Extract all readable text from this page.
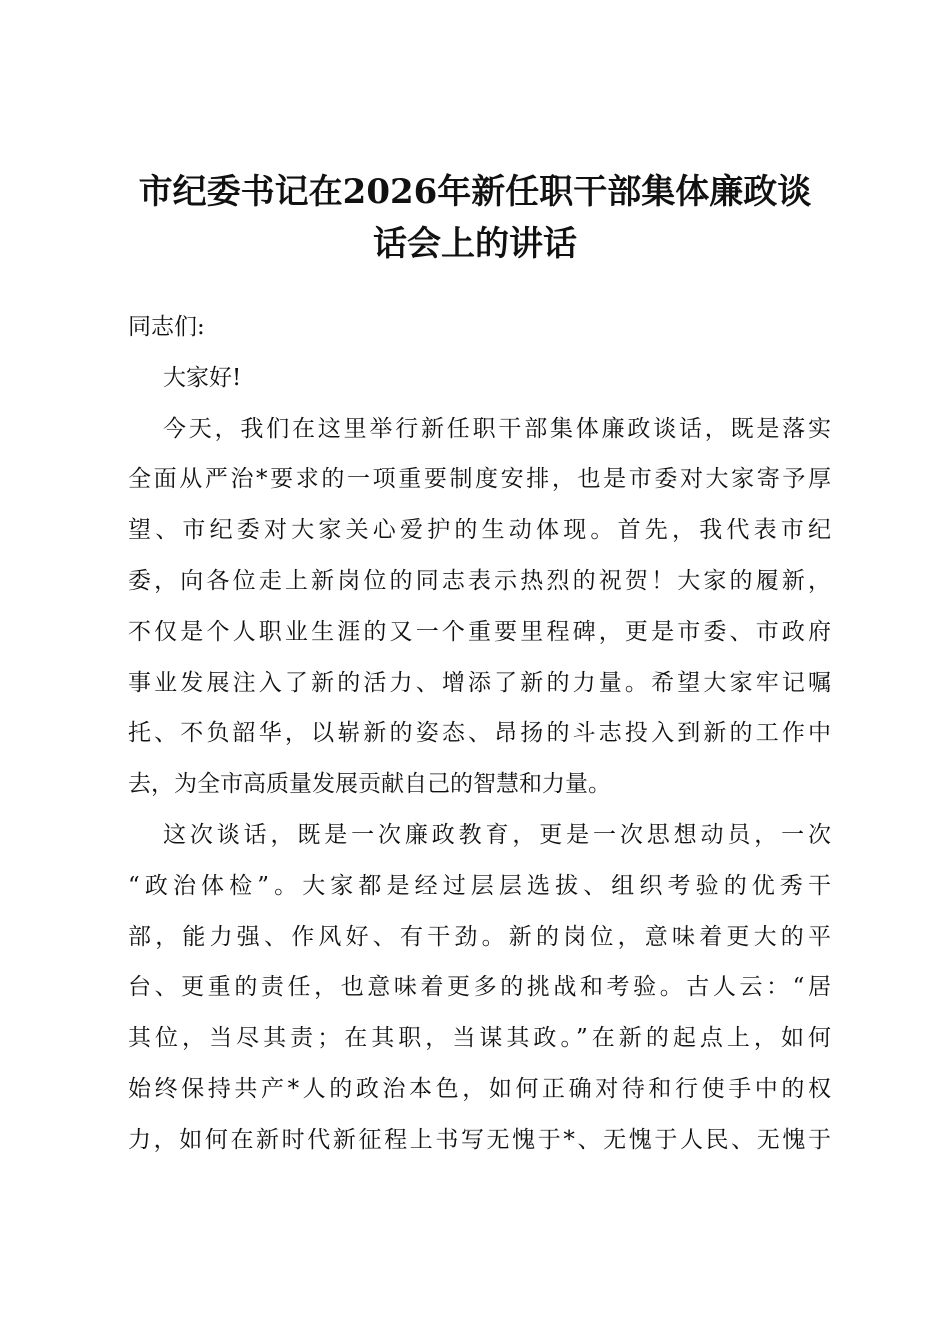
市纪委书记在2026年新任职干部集体廉政谈
话会上的讲话
同志们:
大家好!
今天，我们在这里举行新任职干部集体廉政谈话，既是落实
全面从严治*要求的一项重要制度安排，也是市委对大家寄予厚
望、市纪委对大家关心爱护的生动体现。首先，我代表市纪
委，向各位走上新岗位的同志表示热烈的祝贺！大家的履新，
不仅是个人职业生涯的又一个重要里程碑，更是市委、市政府
事业发展注入了新的活力、增添了新的力量。希望大家牢记嘱
托、不负韶华，以崭新的姿态、昂扬的斗志投入到新的工作中
去，为全市高质量发展贡献自己的智慧和力量。
这次谈话，既是一次廉政教育，更是一次思想动员，一次
“政治体检”。大家都是经过层层选拔、组织考验的优秀干
部，能力强、作风好、有干劲。新的岗位，意味着更大的平
台、更重的责任，也意味着更多的挑战和考验。古人云：“居
其位，当尽其责；在其职，当谋其政。”在新的起点上，如何
始终保持共产*人的政治本色，如何正确对待和行使手中的权
力，如何在新时代新征程上书写无愧于*、无愧于人民、无愧于
